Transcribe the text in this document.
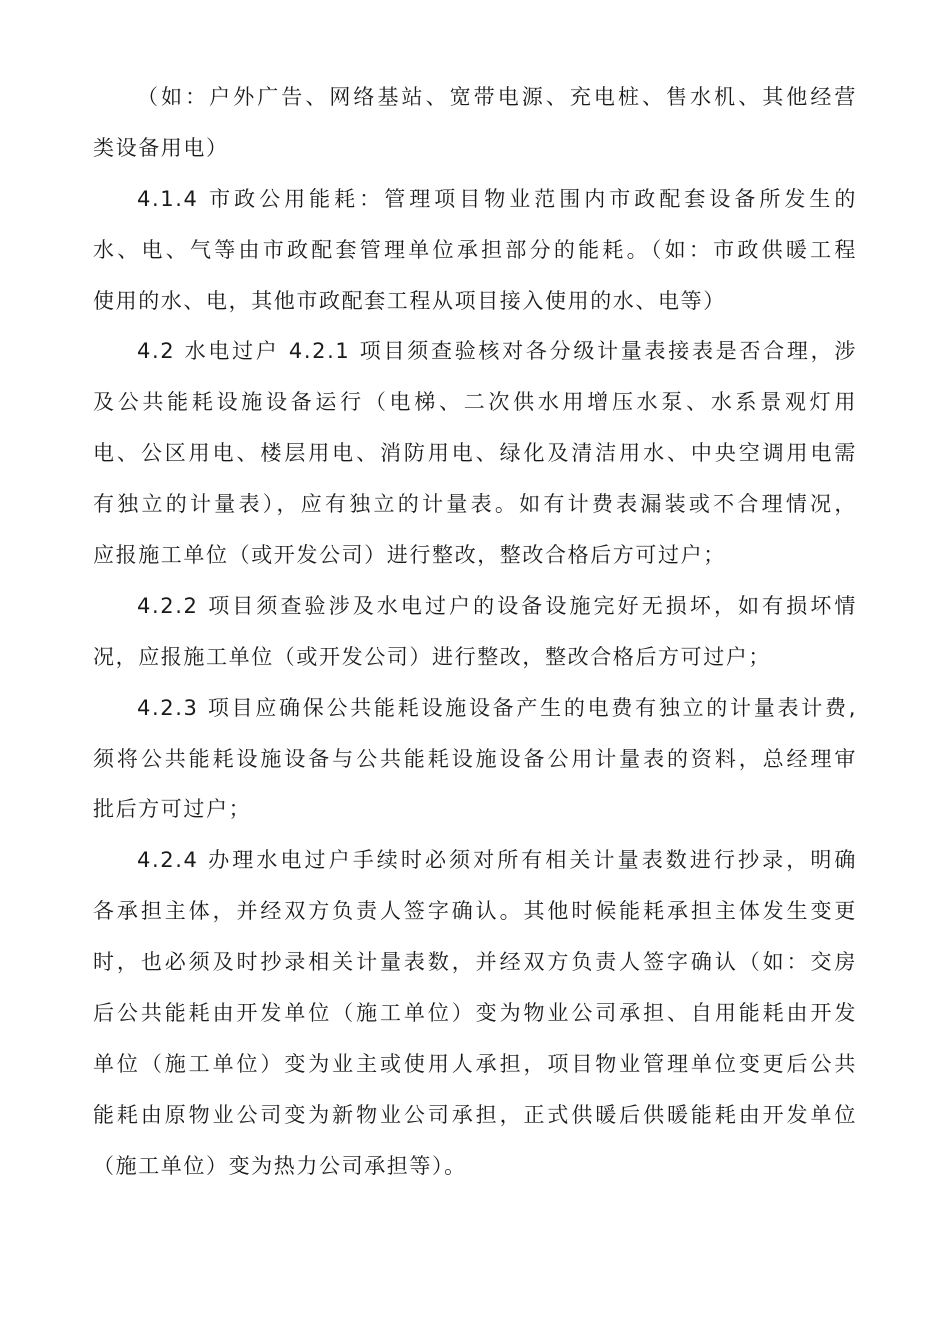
（如：户外广告、网络基站、宽带电源、充电桩、售水机、其他经营
类设备用电）
4.1.4 市政公用能耗：管理项目物业范围内市政配套设备所发生的
水、电、气等由市政配套管理单位承担部分的能耗。（如：市政供暖工程
使用的水、电，其他市政配套工程从项目接入使用的水、电等）
4.2 水电过户 4.2.1 项目须查验核对各分级计量表接表是否合理，涉
及公共能耗设施设备运行（电梯、二次供水用增压水泵、水系景观灯用
电、公区用电、楼层用电、消防用电、绿化及清洁用水、中央空调用电需
有独立的计量表），应有独立的计量表。如有计费表漏装或不合理情况，
应报施工单位（或开发公司）进行整改，整改合格后方可过户；
4.2.2 项目须查验涉及水电过户的设备设施完好无损坏，如有损坏情
况，应报施工单位（或开发公司）进行整改，整改合格后方可过户；
4.2.3 项目应确保公共能耗设施设备产生的电费有独立的计量表计费,
须将公共能耗设施设备与公共能耗设施设备公用计量表的资料，总经理审
批后方可过户；
4.2.4 办理水电过户手续时必须对所有相关计量表数进行抄录，明确
各承担主体，并经双方负责人签字确认。其他时候能耗承担主体发生变更
时，也必须及时抄录相关计量表数，并经双方负责人签字确认（如：交房
后公共能耗由开发单位（施工单位）变为物业公司承担、自用能耗由开发
单位（施工单位）变为业主或使用人承担，项目物业管理单位变更后公共
能耗由原物业公司变为新物业公司承担，正式供暖后供暖能耗由开发单位
（施工单位）变为热力公司承担等）。
